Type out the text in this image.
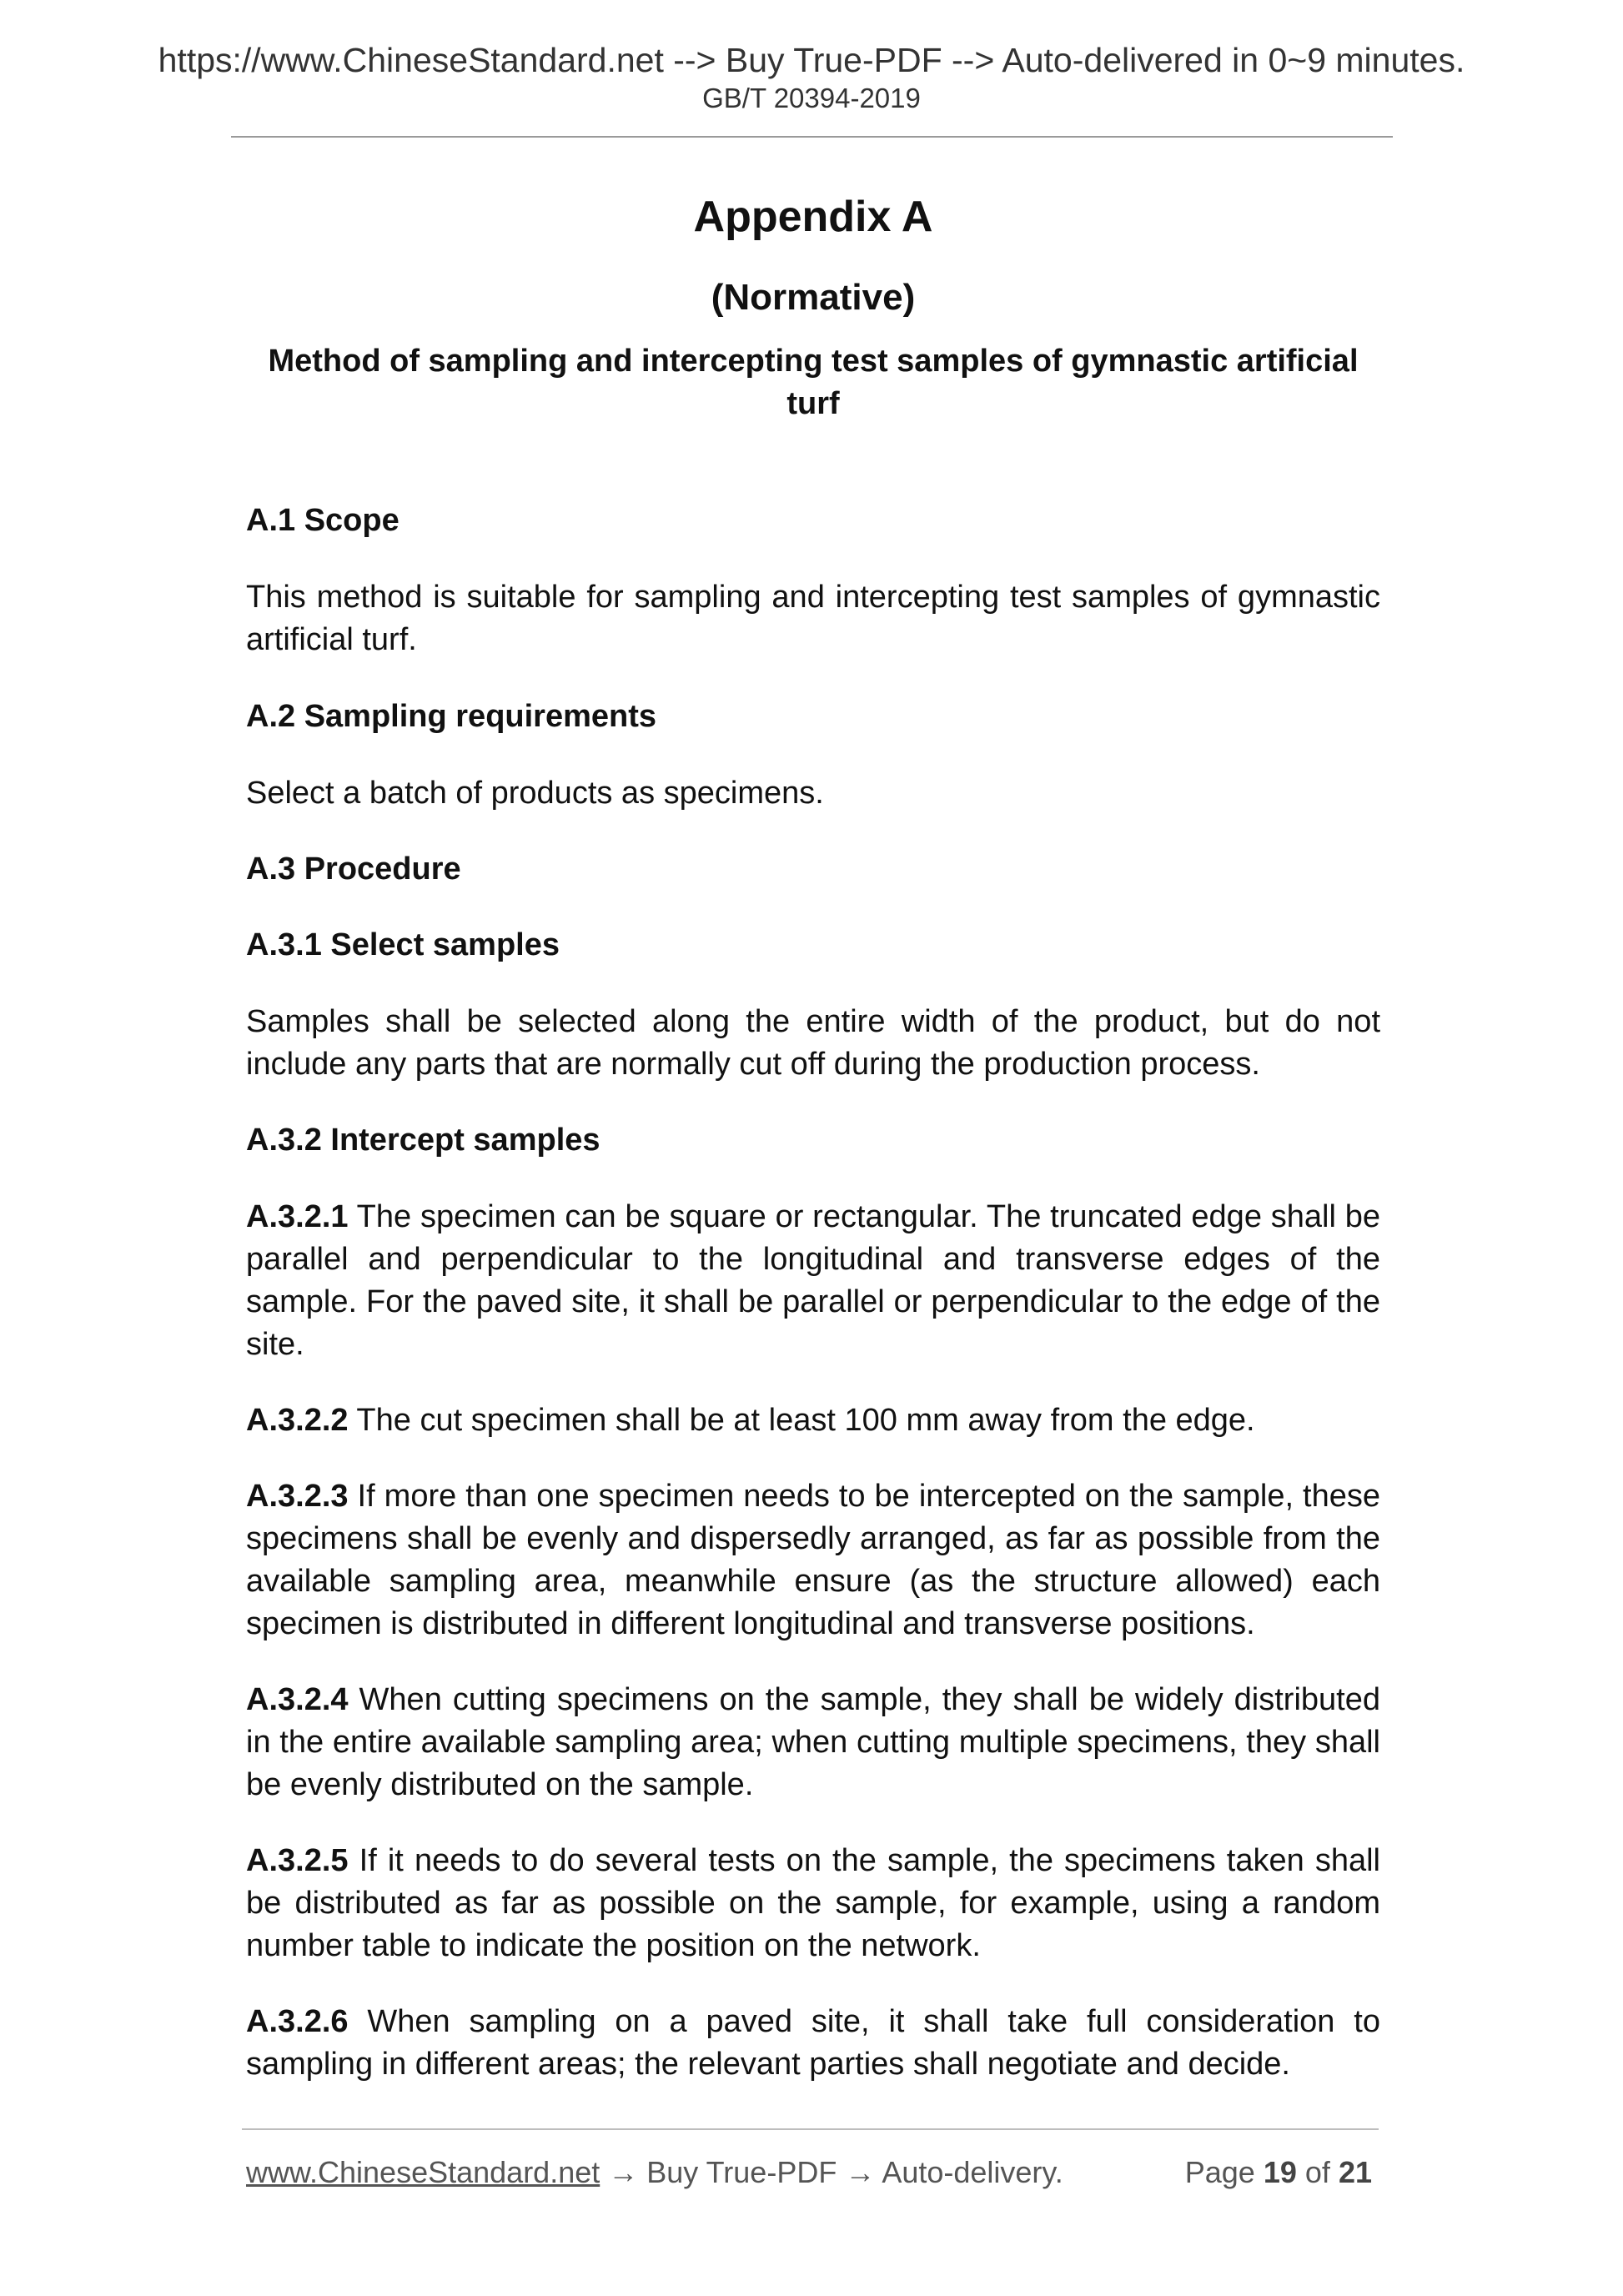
https://www.ChineseStandard.net --> Buy True-PDF --> Auto-delivered in 0~9 minutes.
GB/T 20394-2019

Appendix A

(Normative)

Method of sampling and intercepting test samples of gymnastic artificial
turf

A.1 Scope

This method is suitable for sampling and intercepting test samples of gymnastic artificial turf.

A.2 Sampling requirements

Select a batch of products as specimens.

A.3 Procedure

A.3.1 Select samples

Samples shall be selected along the entire width of the product, but do not include any parts that are normally cut off during the production process.

A.3.2 Intercept samples

A.3.2.1 The specimen can be square or rectangular. The truncated edge shall be parallel and perpendicular to the longitudinal and transverse edges of the sample. For the paved site, it shall be parallel or perpendicular to the edge of the site.

A.3.2.2 The cut specimen shall be at least 100 mm away from the edge.

A.3.2.3 If more than one specimen needs to be intercepted on the sample, these specimens shall be evenly and dispersedly arranged, as far as possible from the available sampling area, meanwhile ensure (as the structure allowed) each specimen is distributed in different longitudinal and transverse positions.

A.3.2.4 When cutting specimens on the sample, they shall be widely distributed in the entire available sampling area; when cutting multiple specimens, they shall be evenly distributed on the sample.

A.3.2.5 If it needs to do several tests on the sample, the specimens taken shall be distributed as far as possible on the sample, for example, using a random number table to indicate the position on the network.

A.3.2.6 When sampling on a paved site, it shall take full consideration to sampling in different areas; the relevant parties shall negotiate and decide.

www.ChineseStandard.net → Buy True-PDF → Auto-delivery.	Page 19 of 21
